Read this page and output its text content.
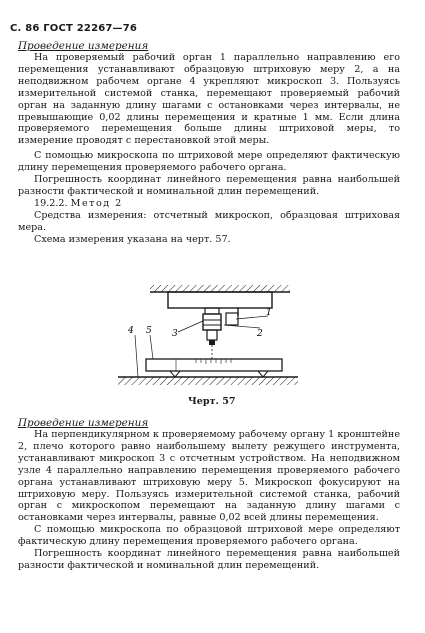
С. 86 ГОСТ 22267—76

Проведение измерения

На проверяемый рабочий орган 1 параллельно направлению его перемещения устанавливают образцовую штриховую меру 2, а на неподвижном рабочем органе 4 укрепляют микроскоп 3. Пользуясь измерительной системой станка, перемещают проверяемый рабочий орган на заданную длину шагами с остановками через интервалы, не превышающие 0,02 длины перемещения и кратные 1 мм. Если длина проверяемого перемещения больше длины штриховой меры, то измерение проводят с перестановкой этой меры.

С помощью микроскопа по штриховой мере определяют фактическую длину перемещения проверяемого рабочего органа.

Погрешность координат линейного перемещения равна наибольшей разности фактической и номинальной длин перемещений.

19.2.2. Метод 2

Средства измерения: отсчетный микроскоп, образцовая штриховая мера.

Схема измерения указана на черт. 57.

4 5 3
1
2
Черт. 57

Проведение измерения

На перпендикулярном к проверяемому рабочему органу 1 кронштейне 2, плечо которого равно наибольшему вылету режущего инструмента, устанавливают микроскоп 3 с отсчетным устройством. На неподвижном узле 4 параллельно направлению перемещения проверяемого рабочего органа устанавливают штриховую меру 5. Микроскоп фокусируют на штриховую меру. Пользуясь измерительной системой станка, рабочий орган с микроскопом перемещают на заданную длину шагами с остановками через интервалы, равные 0,02 всей длины перемещения.

С помощью микроскопа по образцовой штриховой мере определяют фактическую длину перемещения проверяемого рабочего органа.

Погрешность координат линейного перемещения равна наибольшей разности фактической и номинальной длин перемещений.
